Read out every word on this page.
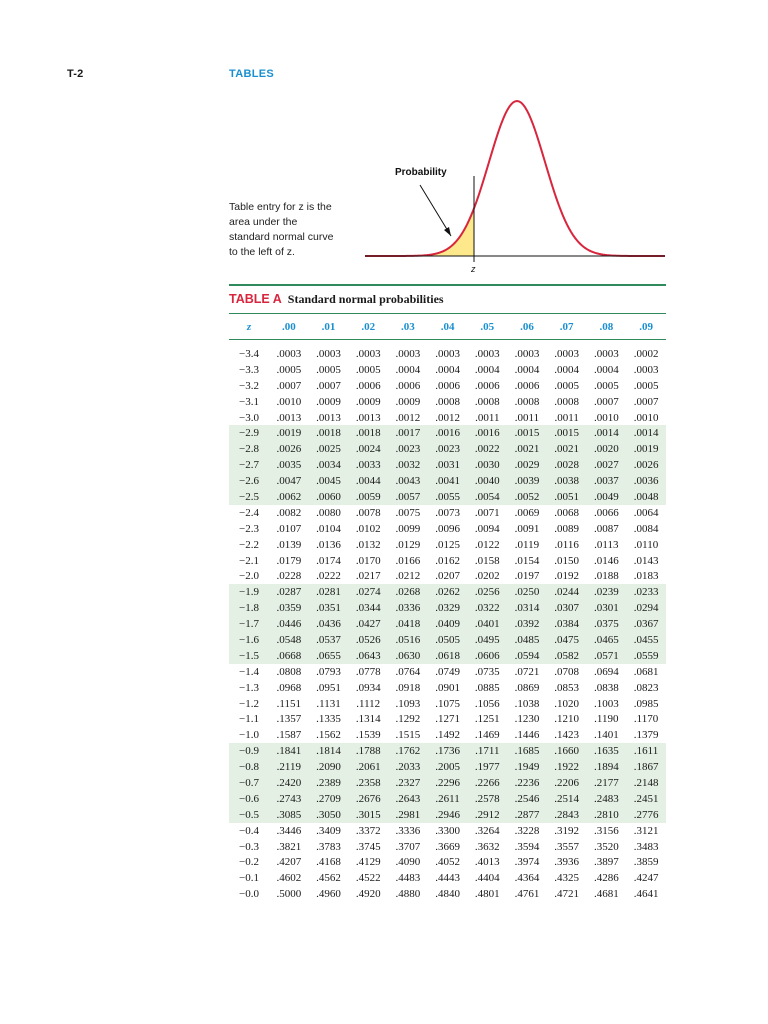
T-2	TABLES
Probability
z
Table entry for z is the
area under the
standard normal curve
to the left of z.
TABLE A Standard normal probabilities
z	.00	.01	.02	.03	.04	.05	.06	.07	.08	.09

−3.4	.0003	.0003	.0003	.0003	.0003	.0003	.0003	.0003	.0003	.0002
−3.3	.0005	.0005	.0005	.0004	.0004	.0004	.0004	.0004	.0004	.0003
−3.2	.0007	.0007	.0006	.0006	.0006	.0006	.0006	.0005	.0005	.0005
−3.1	.0010	.0009	.0009	.0009	.0008	.0008	.0008	.0008	.0007	.0007
−3.0	.0013	.0013	.0013	.0012	.0012	.0011	.0011	.0011	.0010	.0010
−2.9	.0019	.0018	.0018	.0017	.0016	.0016	.0015	.0015	.0014	.0014
−2.8	.0026	.0025	.0024	.0023	.0023	.0022	.0021	.0021	.0020	.0019
−2.7	.0035	.0034	.0033	.0032	.0031	.0030	.0029	.0028	.0027	.0026
−2.6	.0047	.0045	.0044	.0043	.0041	.0040	.0039	.0038	.0037	.0036
−2.5	.0062	.0060	.0059	.0057	.0055	.0054	.0052	.0051	.0049	.0048
−2.4	.0082	.0080	.0078	.0075	.0073	.0071	.0069	.0068	.0066	.0064
−2.3	.0107	.0104	.0102	.0099	.0096	.0094	.0091	.0089	.0087	.0084
−2.2	.0139	.0136	.0132	.0129	.0125	.0122	.0119	.0116	.0113	.0110
−2.1	.0179	.0174	.0170	.0166	.0162	.0158	.0154	.0150	.0146	.0143
−2.0	.0228	.0222	.0217	.0212	.0207	.0202	.0197	.0192	.0188	.0183
−1.9	.0287	.0281	.0274	.0268	.0262	.0256	.0250	.0244	.0239	.0233
−1.8	.0359	.0351	.0344	.0336	.0329	.0322	.0314	.0307	.0301	.0294
−1.7	.0446	.0436	.0427	.0418	.0409	.0401	.0392	.0384	.0375	.0367
−1.6	.0548	.0537	.0526	.0516	.0505	.0495	.0485	.0475	.0465	.0455
−1.5	.0668	.0655	.0643	.0630	.0618	.0606	.0594	.0582	.0571	.0559
−1.4	.0808	.0793	.0778	.0764	.0749	.0735	.0721	.0708	.0694	.0681
−1.3	.0968	.0951	.0934	.0918	.0901	.0885	.0869	.0853	.0838	.0823
−1.2	.1151	.1131	.1112	.1093	.1075	.1056	.1038	.1020	.1003	.0985
−1.1	.1357	.1335	.1314	.1292	.1271	.1251	.1230	.1210	.1190	.1170
−1.0	.1587	.1562	.1539	.1515	.1492	.1469	.1446	.1423	.1401	.1379
−0.9	.1841	.1814	.1788	.1762	.1736	.1711	.1685	.1660	.1635	.1611
−0.8	.2119	.2090	.2061	.2033	.2005	.1977	.1949	.1922	.1894	.1867
−0.7	.2420	.2389	.2358	.2327	.2296	.2266	.2236	.2206	.2177	.2148
−0.6	.2743	.2709	.2676	.2643	.2611	.2578	.2546	.2514	.2483	.2451
−0.5	.3085	.3050	.3015	.2981	.2946	.2912	.2877	.2843	.2810	.2776
−0.4	.3446	.3409	.3372	.3336	.3300	.3264	.3228	.3192	.3156	.3121
−0.3	.3821	.3783	.3745	.3707	.3669	.3632	.3594	.3557	.3520	.3483
−0.2	.4207	.4168	.4129	.4090	.4052	.4013	.3974	.3936	.3897	.3859
−0.1	.4602	.4562	.4522	.4483	.4443	.4404	.4364	.4325	.4286	.4247
−0.0	.5000	.4960	.4920	.4880	.4840	.4801	.4761	.4721	.4681	.4641
